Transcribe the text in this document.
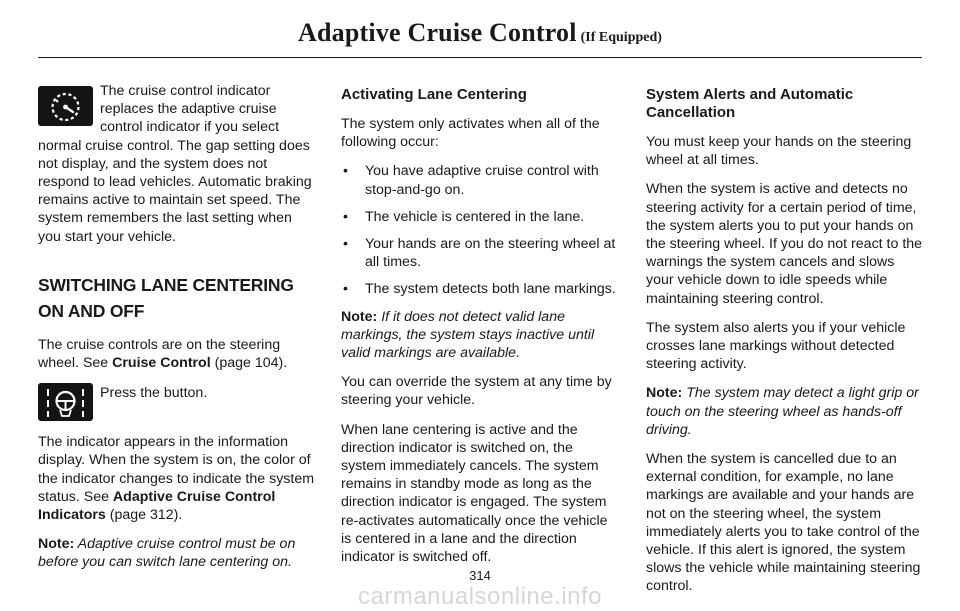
Adaptive Cruise Control (If Equipped)

The cruise control indicator replaces the adaptive cruise control indicator if you select normal cruise control. The gap setting does not display, and the system does not respond to lead vehicles. Automatic braking remains active to maintain set speed. The system remembers the last setting when you start your vehicle.

SWITCHING LANE CENTERING ON AND OFF

The cruise controls are on the steering wheel. See Cruise Control (page 104).

Press the button.

The indicator appears in the information display. When the system is on, the color of the indicator changes to indicate the system status. See Adaptive Cruise Control Indicators (page 312).

Note: Adaptive cruise control must be on before you can switch lane centering on.

Activating Lane Centering

The system only activates when all of the following occur:

• You have adaptive cruise control with stop-and-go on.
• The vehicle is centered in the lane.
• Your hands are on the steering wheel at all times.
• The system detects both lane markings.

Note: If it does not detect valid lane markings, the system stays inactive until valid markings are available.

You can override the system at any time by steering your vehicle.

When lane centering is active and the direction indicator is switched on, the system immediately cancels. The system remains in standby mode as long as the direction indicator is engaged. The system re-activates automatically once the vehicle is centered in a lane and the direction indicator is switched off.

System Alerts and Automatic Cancellation

You must keep your hands on the steering wheel at all times.

When the system is active and detects no steering activity for a certain period of time, the system alerts you to put your hands on the steering wheel. If you do not react to the warnings the system cancels and slows your vehicle down to idle speeds while maintaining steering control.

The system also alerts you if your vehicle crosses lane markings without detected steering activity.

Note: The system may detect a light grip or touch on the steering wheel as hands-off driving.

When the system is cancelled due to an external condition, for example, no lane markings are available and your hands are not on the steering wheel, the system immediately alerts you to take control of the vehicle. If this alert is ignored, the system slows the vehicle while maintaining steering control.

314
carmanualsonline.info
